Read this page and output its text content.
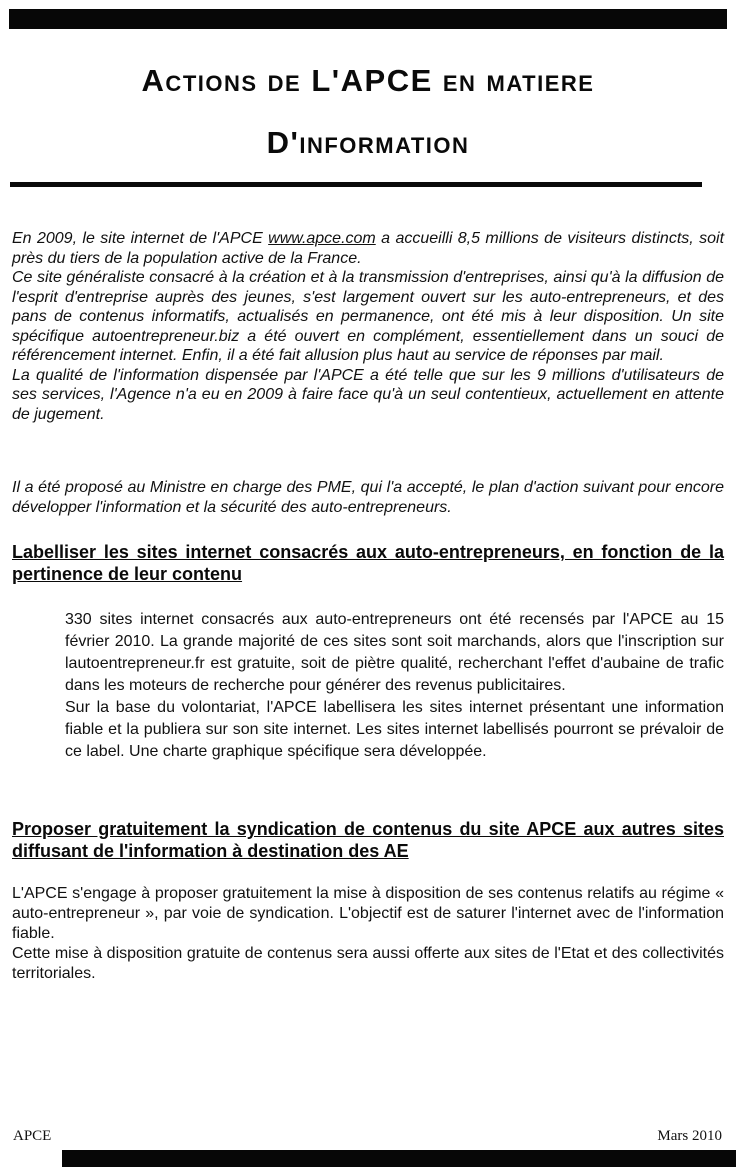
Actions de L'APCE en matiere
D'information

En 2009, le site internet de l'APCE www.apce.com a accueilli 8,5 millions de visiteurs distincts, soit près du tiers de la population active de la France.

Ce site généraliste consacré à la création et à la transmission d'entreprises, ainsi qu'à la diffusion de l'esprit d'entreprise auprès des jeunes, s'est largement ouvert sur les auto-entrepreneurs, et des pans de contenus informatifs, actualisés en permanence, ont été mis à leur disposition. Un site spécifique autoentrepreneur.biz a été ouvert en complément, essentiellement dans un souci de référencement internet. Enfin, il a été fait allusion plus haut au service de réponses par mail.

La qualité de l'information dispensée par l'APCE a été telle que sur les 9 millions d'utilisateurs de ses services, l'Agence n'a eu en 2009 à faire face qu'à un seul contentieux, actuellement en attente de jugement.

Il a été proposé au Ministre en charge des PME, qui l'a accepté, le plan d'action suivant pour encore développer l'information et la sécurité des auto-entrepreneurs.

Labelliser les sites internet consacrés aux auto-entrepreneurs, en fonction de la pertinence de leur contenu

330 sites internet consacrés aux auto-entrepreneurs ont été recensés par l'APCE au 15 février 2010. La grande majorité de ces sites sont soit marchands, alors que l'inscription sur lautoentrepreneur.fr est gratuite, soit de piètre qualité, recherchant l'effet d'aubaine de trafic dans les moteurs de recherche pour générer des revenus publicitaires.

Sur la base du volontariat, l'APCE labellisera les sites internet présentant une information fiable et la publiera sur son site internet. Les sites internet labellisés pourront se prévaloir de ce label. Une charte graphique spécifique sera développée.

Proposer gratuitement la syndication de contenus du site APCE aux autres sites diffusant de l'information à destination des AE

L'APCE s'engage à proposer gratuitement la mise à disposition de ses contenus relatifs au régime « auto-entrepreneur », par voie de syndication. L'objectif est de saturer l'internet avec de l'information fiable.

Cette mise à disposition gratuite de contenus sera aussi offerte aux sites de l'Etat et des collectivités territoriales.

APCE	Mars 2010
